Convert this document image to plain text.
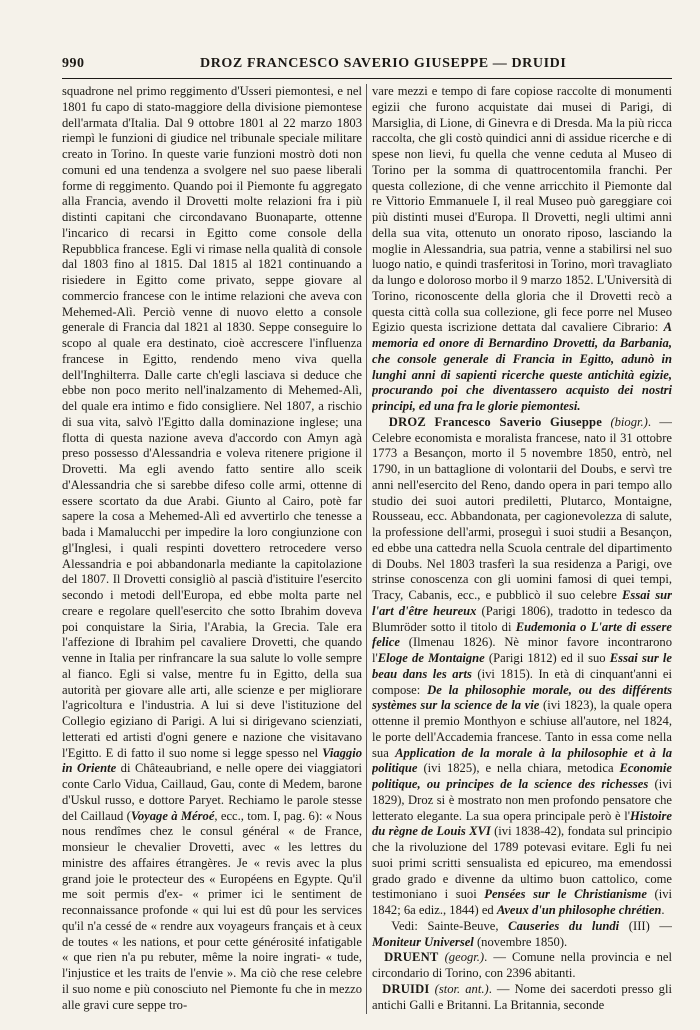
990	DROZ FRANCESCO SAVERIO GIUSEPPE — DRUIDI

squadrone nel primo reggimento d'Usseri piemontesi, e nel 1801 fu capo di stato-maggiore della divisione piemontese dell'armata d'Italia. Dal 9 ottobre 1801 al 22 marzo 1803 riempì le funzioni di giudice nel tribunale speciale militare creato in Torino. In queste varie funzioni mostrò doti non comuni ed una tendenza a svolgere nel suo paese liberali forme di reggimento. Quando poi il Piemonte fu aggregato alla Francia, avendo il Drovetti molte relazioni fra i più distinti capitani che circondavano Buonaparte, ottenne l'incarico di recarsi in Egitto come console della Repubblica francese. Egli vi rimase nella qualità di console dal 1803 fino al 1815. Dal 1815 al 1821 continuando a risiedere in Egitto come privato, seppe giovare al commercio francese con le intime relazioni che aveva con Mehemed-Alì. Perciò venne di nuovo eletto a console generale di Francia dal 1821 al 1830. Seppe conseguire lo scopo al quale era destinato, cioè accrescere l'influenza francese in Egitto, rendendo meno viva quella dell'Inghilterra. Dalle carte ch'egli lasciava si deduce che ebbe non poco merito nell'inalzamento di Mehemed-Alì, del quale era intimo e fido consigliere. Nel 1807, a rischio di sua vita, salvò l'Egitto dalla dominazione inglese; una flotta di questa nazione aveva d'accordo con Amyn agà preso possesso d'Alessandria e voleva ritenere prigione il Drovetti. Ma egli avendo fatto sentire allo sceik d'Alessandria che si sarebbe difeso colle armi, ottenne di essere scortato da due Arabi. Giunto al Cairo, potè far sapere la cosa a Mehemed-Alì ed avvertirlo che tenesse a bada i Mamalucchi per impedire la loro congiunzione con gl'Inglesi, i quali respinti dovettero retrocedere verso Alessandria e poi abbandonarla mediante la capitolazione del 1807. Il Drovetti consigliò al pascià d'istituire l'esercito secondo i metodi dell'Europa, ed ebbe molta parte nel creare e regolare quell'esercito che sotto Ibrahim doveva poi conquistare la Siria, l'Arabia, la Grecia. Tale era l'affezione di Ibrahim pel cavaliere Drovetti, che quando venne in Italia per rinfrancare la sua salute lo volle sempre al fianco. Egli si valse, mentre fu in Egitto, della sua autorità per giovare alle arti, alle scienze e per migliorare l'agricoltura e l'industria. A lui si deve l'istituzione del Collegio egiziano di Parigi. A lui si dirigevano scienziati, letterati ed artisti d'ogni genere e nazione che visitavano l'Egitto. E di fatto il suo nome si legge spesso nel Viaggio in Oriente di Châteaubriand, e nelle opere dei viaggiatori conte Carlo Vidua, Caillaud, Gau, conte di Medem, barone d'Uskul russo, e dottore Paryet. Rechiamo le parole stesse del Caillaud (Voyage à Méroé, ecc., tom. I, pag. 6): « Nous nous rendîmes chez le consul général « de France, monsieur le chevalier Drovetti, avec « les lettres du ministre des affaires étrangères. Je « revis avec la plus grand joie le protecteur des « Européens en Egypte. Qu'il me soit permis d'ex- « primer ici le sentiment de reconnaissance profonde « qui lui est dû pour les services qu'il n'a cessé de « rendre aux voyageurs français et à ceux de toutes « les nations, et pour cette générosité infatigable « que rien n'a pu rebuter, même la noire ingrati- « tude, l'injustice et les traits de l'envie ». Ma ciò che rese celebre il suo nome e più conosciuto nel Piemonte fu che in mezzo alle gravi cure seppe tro-

vare mezzi e tempo di fare copiose raccolte di monumenti egizii che furono acquistate dai musei di Parigi, di Marsiglia, di Lione, di Ginevra e di Dresda. Ma la più ricca raccolta, che gli costò quindici anni di assidue ricerche e di spese non lievi, fu quella che venne ceduta al Museo di Torino per la somma di quattrocentomila franchi. Per questa collezione, di che venne arricchito il Piemonte dal re Vittorio Emmanuele I, il real Museo può gareggiare coi più distinti musei d'Europa. Il Drovetti, negli ultimi anni della sua vita, ottenuto un onorato riposo, lasciando la moglie in Alessandria, sua patria, venne a stabilirsi nel suo luogo natio, e quindi trasferitosi in Torino, morì travagliato da lungo e doloroso morbo il 9 marzo 1852. L'Università di Torino, riconoscente della gloria che il Drovetti recò a questa città colla sua collezione, gli fece porre nel Museo Egizio questa iscrizione dettata dal cavaliere Cibrario: A memoria ed onore di Bernardino Drovetti, da Barbania, che console generale di Francia in Egitto, adunò in lunghi anni di sapienti ricerche queste antichità egizie, procurando poi che diventassero acquisto dei nostri principi, ed una fra le glorie piemontesi.

DROZ Francesco Saverio Giuseppe (biogr.). — Celebre economista e moralista francese, nato il 31 ottobre 1773 a Besançon, morto il 5 novembre 1850, entrò, nel 1790, in un battaglione di volontarii del Doubs, e servì tre anni nell'esercito del Reno, dando opera in pari tempo allo studio dei suoi autori prediletti, Plutarco, Montaigne, Rousseau, ecc. Abbandonata, per cagionevolezza di salute, la professione dell'armi, proseguì i suoi studii a Besançon, ed ebbe una cattedra nella Scuola centrale del dipartimento di Doubs. Nel 1803 trasferì la sua residenza a Parigi, ove strinse conoscenza con gli uomini famosi di quei tempi, Tracy, Cabanis, ecc., e pubblicò il suo celebre Essai sur l'art d'être heureux (Parigi 1806), tradotto in tedesco da Blumröder sotto il titolo di Eudemonia o L'arte di essere felice (Ilmenau 1826). Nè minor favore incontrarono l'Eloge de Montaigne (Parigi 1812) ed il suo Essai sur le beau dans les arts (ivi 1815). In età di cinquant'anni ei compose: De la philosophie morale, ou des différents systèmes sur la science de la vie (ivi 1823), la quale opera ottenne il premio Monthyon e schiuse all'autore, nel 1824, le porte dell'Accademia francese. Tanto in essa come nella sua Application de la morale à la philosophie et à la politique (ivi 1825), e nella chiara, metodica Economie politique, ou principes de la science des richesses (ivi 1829), Droz si è mostrato non men profondo pensatore che letterato elegante. La sua opera principale però è l'Histoire du règne de Louis XVI (ivi 1838-42), fondata sul principio che la rivoluzione del 1789 potevasi evitare. Egli fu nei suoi primi scritti sensualista ed epicureo, ma emendossi grado grado e divenne da ultimo buon cattolico, come testimoniano i suoi Pensées sur le Christianisme (ivi 1842; 6a ediz., 1844) ed Aveux d'un philosophe chrétien.

Vedi: Sainte-Beuve, Causeries du lundi (III) — Moniteur Universel (novembre 1850).

DRUENT (geogr.). — Comune nella provincia e nel circondario di Torino, con 2396 abitanti.

DRUIDI (stor. ant.). — Nome dei sacerdoti presso gli antichi Galli e Britanni. La Britannia, seconde
